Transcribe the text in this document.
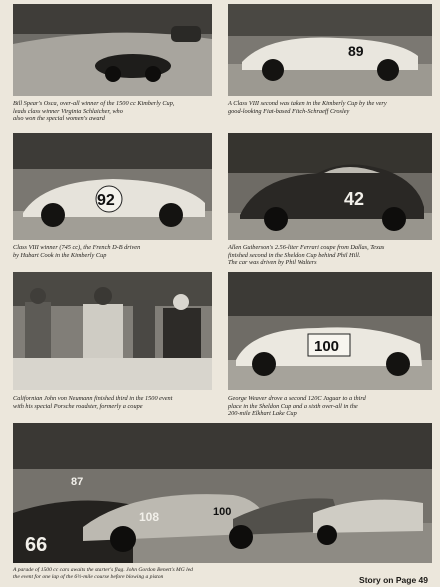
Bill Spear's Osca, over-all winner of the 1500 cc Kimberly Cup,
leads class winner Virginia Schlaicher, who
also won the special women's award

89

A Class VIII second was taken in the Kimberly Cup by the very
good-looking Fiat-based Fitch-Schraeff Crosley

92

Class VIII winner (745 cc), the French D-B driven
by Hubart Cook in the Kimberly Cup

42

Allen Guiberson's 2.56-liter Ferrari coupe from Dallas, Texas
finished second in the Sheldon Cup behind Phil Hill.
The car was driven by Phil Walters

Californian John von Neumann finished third in the 1500 event
with his special Porsche roadster, formerly a coupe

100

George Weaver drove a second 120C Jaguar to a third
place in the Sheldon Cup and a sixth over-all in the
200-mile Elkhart Lake Cup

66
108	100
87

A parade of 1500 cc cars awaits the starter's flag. John Gordon Benett's MG led
the event for one lap of the 6½-mile course before blowing a piston	Story on Page 49
